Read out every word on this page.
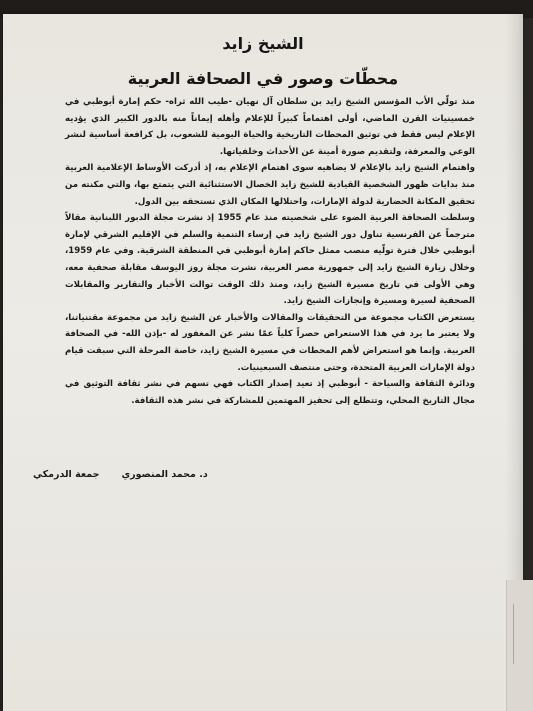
الشيخ زايد
محطّات وصور في الصحافة العربية

منذ تولّي الأب المؤسس الشيخ زايد بن سلطان آل نهيان -طيب الله ثراه- حكم إمارة أبوظبي في خمسينيات القرن الماضي، أولى اهتماماً كبيراً للإعلام وأهله إيماناً منه بالدور الكبير الذي يؤديه الإعلام ليس فقط في توثيق المحطات التاريخية والحياة اليومية للشعوب، بل كرافعة أساسية لنشر الوعي والمعرفة، ولتقديم صورة أمينة عن الأحداث وخلفياتها.

واهتمام الشيخ زايد بالإعلام لا يضاهيه سوى اهتمام الإعلام به، إذ أدركت الأوساط الإعلامية العربية منذ بدايات ظهور الشخصية القيادية للشيخ زايد الخصال الاستثنائية التي يتمتع بها، والتي مكنته من تحقيق المكانة الحضارية لدولة الإمارات، واحتلالها المكان الذي تستحقه بين الدول.

وسلطت الصحافة العربية الضوء على شخصيته منذ عام 1955 إذ نشرت مجلة الدبور اللبنانية مقالاً مترجماً عن الفرنسية تناول دور الشيخ زايد في إرساء التنمية والسلم في الإقليم الشرقي لإمارة أبوظبي خلال فترة تولّيه منصب ممثل حاكم إمارة أبوظبي في المنطقة الشرقية. وفي عام 1959، وخلال زيارة الشيخ زايد إلى جمهورية مصر العربية، نشرت مجلة روز اليوسف مقابلة صحفية معه، وهي الأولى في تاريخ مسيرة الشيخ زايد، ومنذ ذلك الوقت توالت الأخبار والتقارير والمقابلات الصحفية لسيرة ومسيرة وإنجازات الشيخ زايد.

يستعرض الكتاب مجموعة من التحقيقات والمقالات والأخبار عن الشيخ زايد من مجموعة مقتنياتنا، ولا يعتبر ما يرد في هذا الاستعراض حصراً كلياً عمّا نشر عن المغفور له -بإذن الله- في الصحافة العربية. وإنما هو استعراض لأهم المحطات في مسيرة الشيخ زايد، خاصة المرحلة التي سبقت قيام دولة الإمارات العربية المتحدة، وحتى منتصف السبعينيات.

ودائرة الثقافة والسياحة - أبوظبي إذ تعيد إصدار الكتاب فهي تسهم في نشر ثقافة التوثيق في مجال التاريخ المحلي، وتتطلع إلى تحفيز المهتمين للمشاركة في نشر هذه الثقافة.

د. محمد المنصوري
جمعة الدرمكي
